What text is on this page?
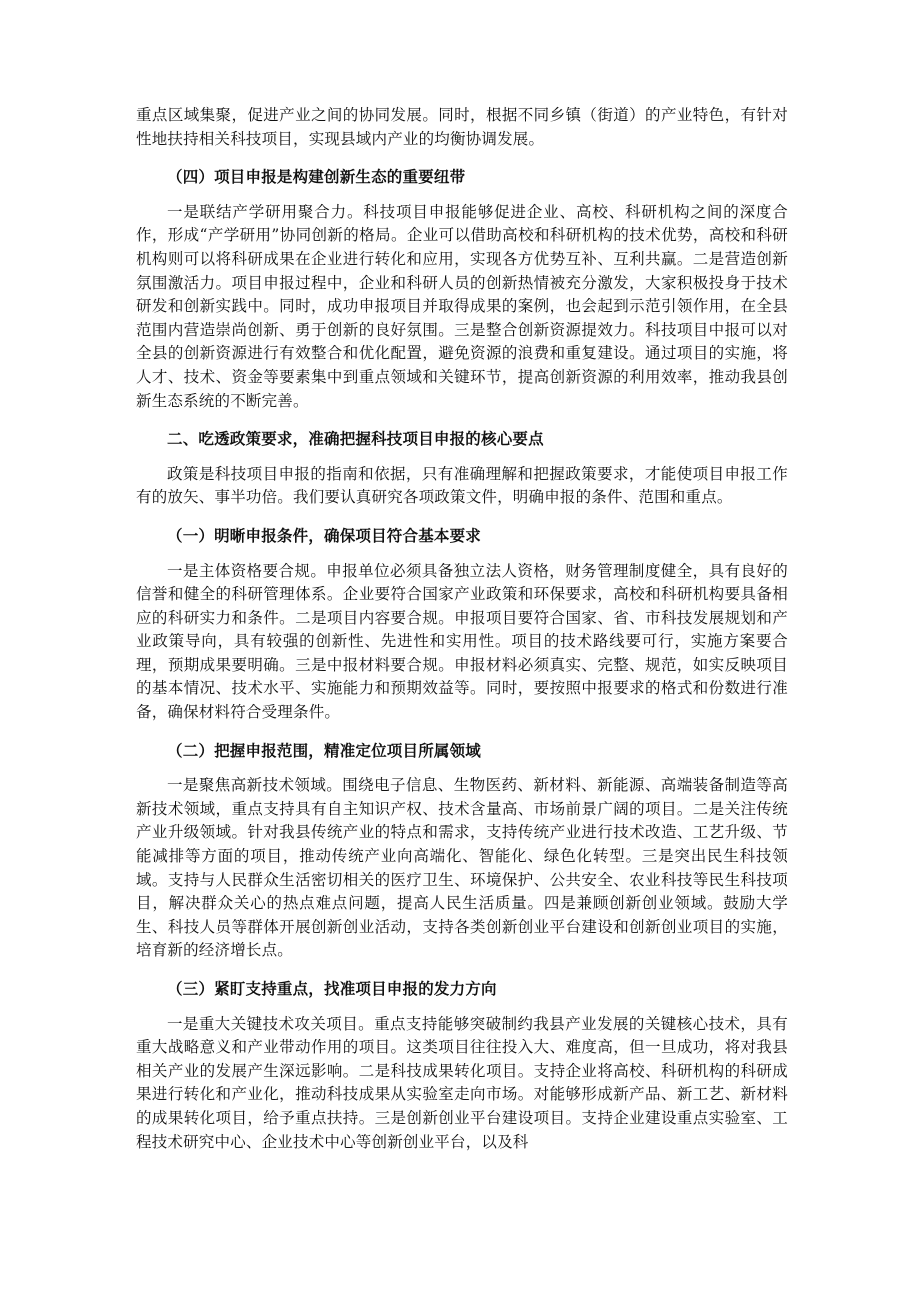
重点区域集聚，促进产业之间的协同发展。同时，根据不同乡镇（街道）的产业特色，有针对性地扶持相关科技项目，实现县域内产业的均衡协调发展。

（四）项目申报是构建创新生态的重要纽带

一是联结产学研用聚合力。科技项目申报能够促进企业、高校、科研机构之间的深度合作，形成“产学研用”协同创新的格局。企业可以借助高校和科研机构的技术优势，高校和科研机构则可以将科研成果在企业进行转化和应用，实现各方优势互补、互利共赢。二是营造创新氛围激活力。项目申报过程中，企业和科研人员的创新热情被充分激发，大家积极投身于技术研发和创新实践中。同时，成功申报项目并取得成果的案例，也会起到示范引领作用，在全县范围内营造崇尚创新、勇于创新的良好氛围。三是整合创新资源提效力。科技项目中报可以对全县的创新资源进行有效整合和优化配置，避免资源的浪费和重复建设。通过项目的实施，将人才、技术、资金等要素集中到重点领域和关键环节，提高创新资源的利用效率，推动我县创新生态系统的不断完善。

二、吃透政策要求，准确把握科技项目申报的核心要点

政策是科技项目申报的指南和依据，只有准确理解和把握政策要求，才能使项目申报工作有的放矢、事半功倍。我们要认真研究各项政策文件，明确申报的条件、范围和重点。

（一）明晰申报条件，确保项目符合基本要求

一是主体资格要合规。申报单位必须具备独立法人资格，财务管理制度健全，具有良好的信誉和健全的科研管理体系。企业要符合国家产业政策和环保要求，高校和科研机构要具备相应的科研实力和条件。二是项目内容要合规。申报项目要符合国家、省、市科技发展规划和产业政策导向，具有较强的创新性、先进性和实用性。项目的技术路线要可行，实施方案要合理，预期成果要明确。三是中报材料要合规。申报材料必须真实、完整、规范，如实反映项目的基本情况、技术水平、实施能力和预期效益等。同时，要按照中报要求的格式和份数进行准备，确保材料符合受理条件。

（二）把握申报范围，精准定位项目所属领域

一是聚焦高新技术领域。围绕电子信息、生物医药、新材料、新能源、高端装备制造等高新技术领域，重点支持具有自主知识产权、技术含量高、市场前景广阔的项目。二是关注传统产业升级领域。针对我县传统产业的特点和需求，支持传统产业进行技术改造、工艺升级、节能减排等方面的项目，推动传统产业向高端化、智能化、绿色化转型。三是突出民生科技领域。支持与人民群众生活密切相关的医疗卫生、环境保护、公共安全、农业科技等民生科技项目，解决群众关心的热点难点问题，提高人民生活质量。四是兼顾创新创业领域。鼓励大学生、科技人员等群体开展创新创业活动，支持各类创新创业平台建设和创新创业项目的实施，培育新的经济增长点。

（三）紧盯支持重点，找准项目申报的发力方向

一是重大关键技术攻关项目。重点支持能够突破制约我县产业发展的关键核心技术，具有重大战略意义和产业带动作用的项目。这类项目往往投入大、难度高，但一旦成功，将对我县相关产业的发展产生深远影响。二是科技成果转化项目。支持企业将高校、科研机构的科研成果进行转化和产业化，推动科技成果从实验室走向市场。对能够形成新产品、新工艺、新材料的成果转化项目，给予重点扶持。三是创新创业平台建设项目。支持企业建设重点实验室、工程技术研究中心、企业技术中心等创新创业平台，以及科
